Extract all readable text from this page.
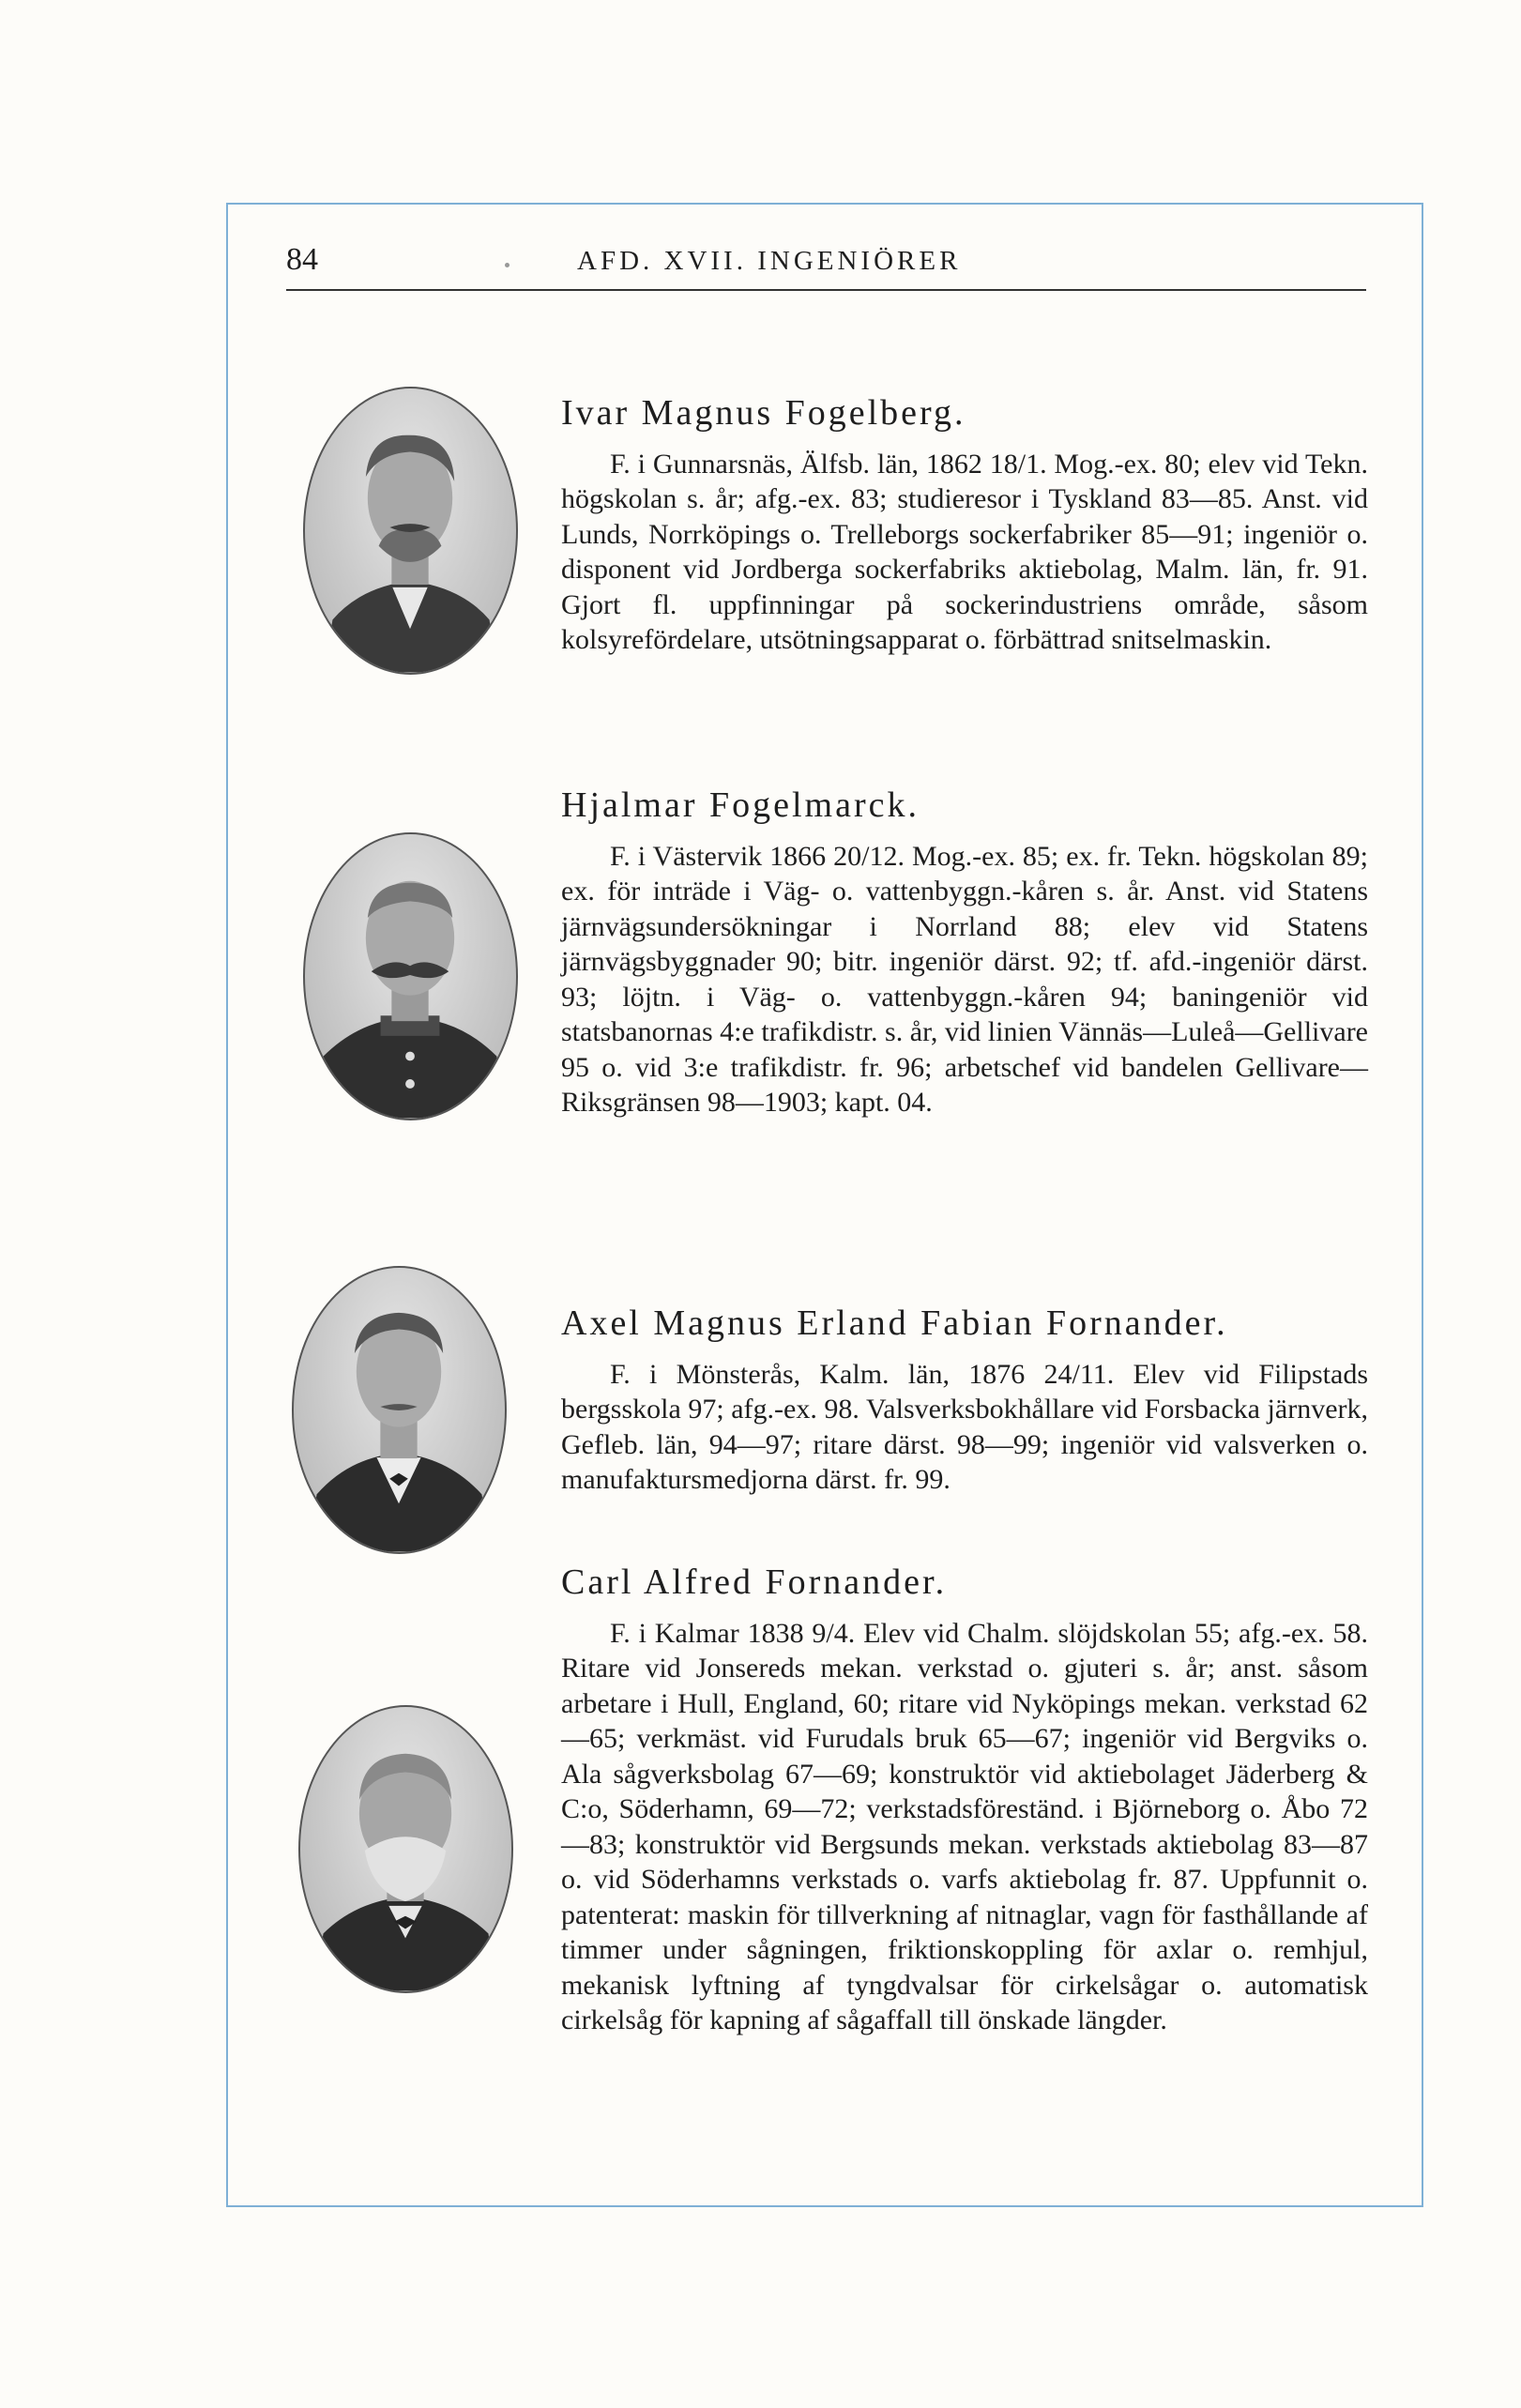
84	AFD. XVII. INGENIÖRER
Ivar Magnus Fogelberg.

F. i Gunnarsnäs, Älfsb. län, 1862 18/1. Mog.-ex. 80; elev vid Tekn. högskolan s. år; afg.-ex. 83; studieresor i Tyskland 83—85. Anst. vid Lunds, Norrköpings o. Trelleborgs sockerfabriker 85—91; ingeniör o. disponent vid Jordberga sockerfabriks aktiebolag, Malm. län, fr. 91. Gjort fl. uppfinningar på sockerindustriens område, såsom kolsyrefördelare, utsötningsapparat o. förbättrad snitselmaskin.

Hjalmar Fogelmarck.

F. i Västervik 1866 20/12. Mog.-ex. 85; ex. fr. Tekn. högskolan 89; ex. för inträde i Väg- o. vattenbyggn.-kåren s. år. Anst. vid Statens järnvägsundersökningar i Norrland 88; elev vid Statens järnvägsbyggnader 90; bitr. ingeniör därst. 92; tf. afd.-ingeniör därst. 93; löjtn. i Väg- o. vattenbyggn.-kåren 94; baningeniör vid statsbanornas 4:e trafikdistr. s. år, vid linien Vännäs—Luleå—Gellivare 95 o. vid 3:e trafikdistr. fr. 96; arbetschef vid bandelen Gellivare—Riksgränsen 98—1903; kapt. 04.

Axel Magnus Erland Fabian Fornander.

F. i Mönsterås, Kalm. län, 1876 24/11. Elev vid Filipstads bergsskola 97; afg.-ex. 98. Valsverksbokhållare vid Forsbacka järnverk, Gefleb. län, 94—97; ritare därst. 98—99; ingeniör vid valsverken o. manufaktursmedjorna därst. fr. 99.

Carl Alfred Fornander.

F. i Kalmar 1838 9/4. Elev vid Chalm. slöjdskolan 55; afg.-ex. 58. Ritare vid Jonsereds mekan. verkstad o. gjuteri s. år; anst. såsom arbetare i Hull, England, 60; ritare vid Nyköpings mekan. verkstad 62—65; verkmäst. vid Furudals bruk 65—67; ingeniör vid Bergviks o. Ala sågverksbolag 67—69; konstruktör vid aktiebolaget Jäderberg & C:o, Söderhamn, 69—72; verkstadsföreständ. i Björneborg o. Åbo 72—83; konstruktör vid Bergsunds mekan. verkstads aktiebolag 83—87 o. vid Söderhamns verkstads o. varfs aktiebolag fr. 87. Uppfunnit o. patenterat: maskin för tillverkning af nitnaglar, vagn för fasthållande af timmer under sågningen, friktionskoppling för axlar o. remhjul, mekanisk lyftning af tyngdvalsar för cirkelsågar o. automatisk cirkelsåg för kapning af sågaffall till önskade längder.
